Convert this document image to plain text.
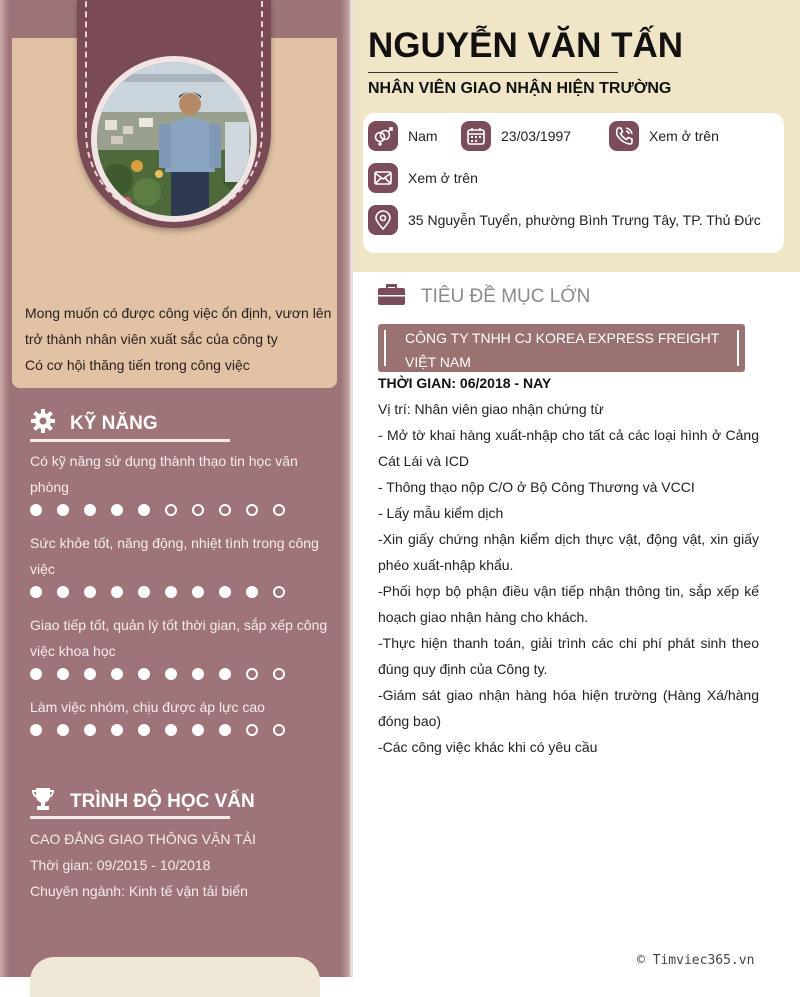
Mong muốn có được công việc ổn định, vươn lên trở thành nhân viên xuất sắc của công ty

Có cơ hội thăng tiến trong công việc

KỸ NĂNG
Có kỹ năng sử dụng thành thạo tin học văn phòng
Sức khỏe tốt, năng động, nhiệt tình trong công việc
Giao tiếp tốt, quản lý tốt thời gian, sắp xếp công việc khoa học
Làm việc nhóm, chịu được áp lực cao
TRÌNH ĐỘ HỌC VẤN
CAO ĐẲNG GIAO THÔNG VẬN TẢI
Thời gian: 09/2015 - 10/2018
Chuyên ngành: Kinh tế vận tải biển
NGUYỄN VĂN TẤN
NHÂN VIÊN GIAO NHẬN HIỆN TRƯỜNG
Nam	23/03/1997	Xem ở trên
Xem ở trên
35 Nguyễn Tuyển, phường Bình Trưng Tây, TP. Thủ Đức
TIÊU ĐỀ MỤC LỚN
CÔNG TY TNHH CJ KOREA EXPRESS FREIGHT VIỆT NAM
THỜI GIAN: 06/2018 - NAY
Vị trí: Nhân viên giao nhận chứng từ
- Mở tờ khai hàng xuất-nhập cho tất cả các loại hình ở Cảng Cát Lái và ICD
- Thông thạo nộp C/O ở Bộ Công Thương và VCCI
- Lấy mẫu kiểm dịch
-Xin giấy chứng nhận kiểm dịch thực vật, động vật, xin giấy phéo xuất-nhập khẩu.
-Phối hợp bộ phận điều vận tiếp nhận thông tin, sắp xếp kế hoạch giao nhận hàng cho khách.
-Thực hiện thanh toán, giải trình các chi phí phát sinh theo đúng quy định của Công ty.
-Giám sát giao nhận hàng hóa hiện trường (Hàng Xá/hàng đóng bao)
-Các công việc khác khi có yêu cầu
© Timviec365.vn
